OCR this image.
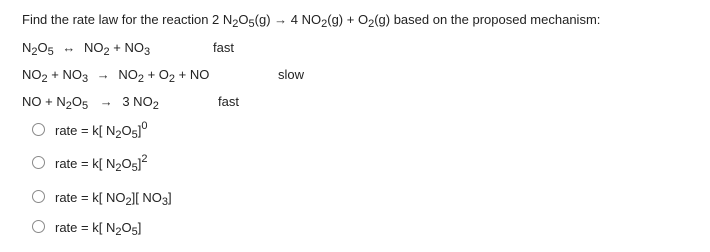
Find the rate law for the reaction 2 $N_2O_5(g) \to 4$ $NO_2(g) + O_2(g)$ based on the proposed mechanism:
$N_2O_5$ ↔ $NO_2 + NO_3$	fast
$NO_2 + NO_3 \to NO_2 + O_2$ + NO	slow
NO + $N_2O_5 \to 3$ $NO_2$	fast
rate = k[ $N_2O_5]^0$
rate = k[ $N_2O_5]^2$
rate = k[ $NO_2$][ $NO_3$]
rate = k[ $N_2O_5$]
